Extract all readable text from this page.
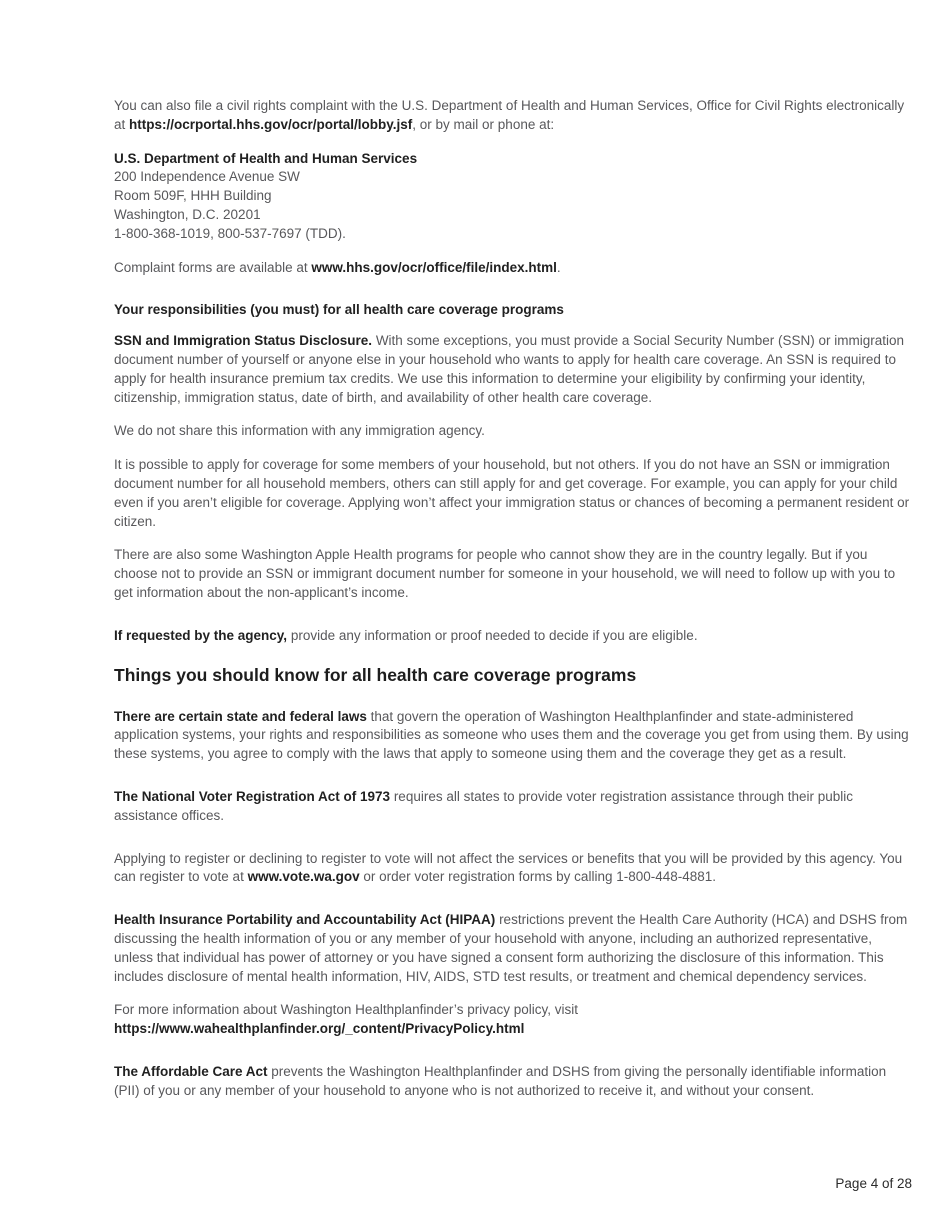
You can also file a civil rights complaint with the U.S. Department of Health and Human Services, Office for Civil Rights electronically at https://ocrportal.hhs.gov/ocr/portal/lobby.jsf, or by mail or phone at:

U.S. Department of Health and Human Services
200 Independence Avenue SW
Room 509F, HHH Building
Washington, D.C. 20201
1-800-368-1019, 800-537-7697 (TDD).

Complaint forms are available at www.hhs.gov/ocr/office/file/index.html.

Your responsibilities (you must) for all health care coverage programs

SSN and Immigration Status Disclosure. With some exceptions, you must provide a Social Security Number (SSN) or immigration document number of yourself or anyone else in your household who wants to apply for health care coverage. An SSN is required to apply for health insurance premium tax credits. We use this information to determine your eligibility by confirming your identity, citizenship, immigration status, date of birth, and availability of other health care coverage.

We do not share this information with any immigration agency.

It is possible to apply for coverage for some members of your household, but not others. If you do not have an SSN or immigration document number for all household members, others can still apply for and get coverage. For example, you can apply for your child even if you aren’t eligible for coverage. Applying won’t affect your immigration status or chances of becoming a permanent resident or citizen.

There are also some Washington Apple Health programs for people who cannot show they are in the country legally. But if you choose not to provide an SSN or immigrant document number for someone in your household, we will need to follow up with you to get information about the non-applicant’s income.

If requested by the agency, provide any information or proof needed to decide if you are eligible.

Things you should know for all health care coverage programs

There are certain state and federal laws that govern the operation of Washington Healthplanfinder and state-administered application systems, your rights and responsibilities as someone who uses them and the coverage you get from using them. By using these systems, you agree to comply with the laws that apply to someone using them and the coverage they get as a result.

The National Voter Registration Act of 1973 requires all states to provide voter registration assistance through their public assistance offices.

Applying to register or declining to register to vote will not affect the services or benefits that you will be provided by this agency. You can register to vote at www.vote.wa.gov or order voter registration forms by calling 1-800-448-4881.

Health Insurance Portability and Accountability Act (HIPAA) restrictions prevent the Health Care Authority (HCA) and DSHS from discussing the health information of you or any member of your household with anyone, including an authorized representative, unless that individual has power of attorney or you have signed a consent form authorizing the disclosure of this information. This includes disclosure of mental health information, HIV, AIDS, STD test results, or treatment and chemical dependency services.

For more information about Washington Healthplanfinder’s privacy policy, visit
https://www.wahealthplanfinder.org/_content/PrivacyPolicy.html

The Affordable Care Act prevents the Washington Healthplanfinder and DSHS from giving the personally identifiable information (PII) of you or any member of your household to anyone who is not authorized to receive it, and without your consent.

Page 4 of 28
